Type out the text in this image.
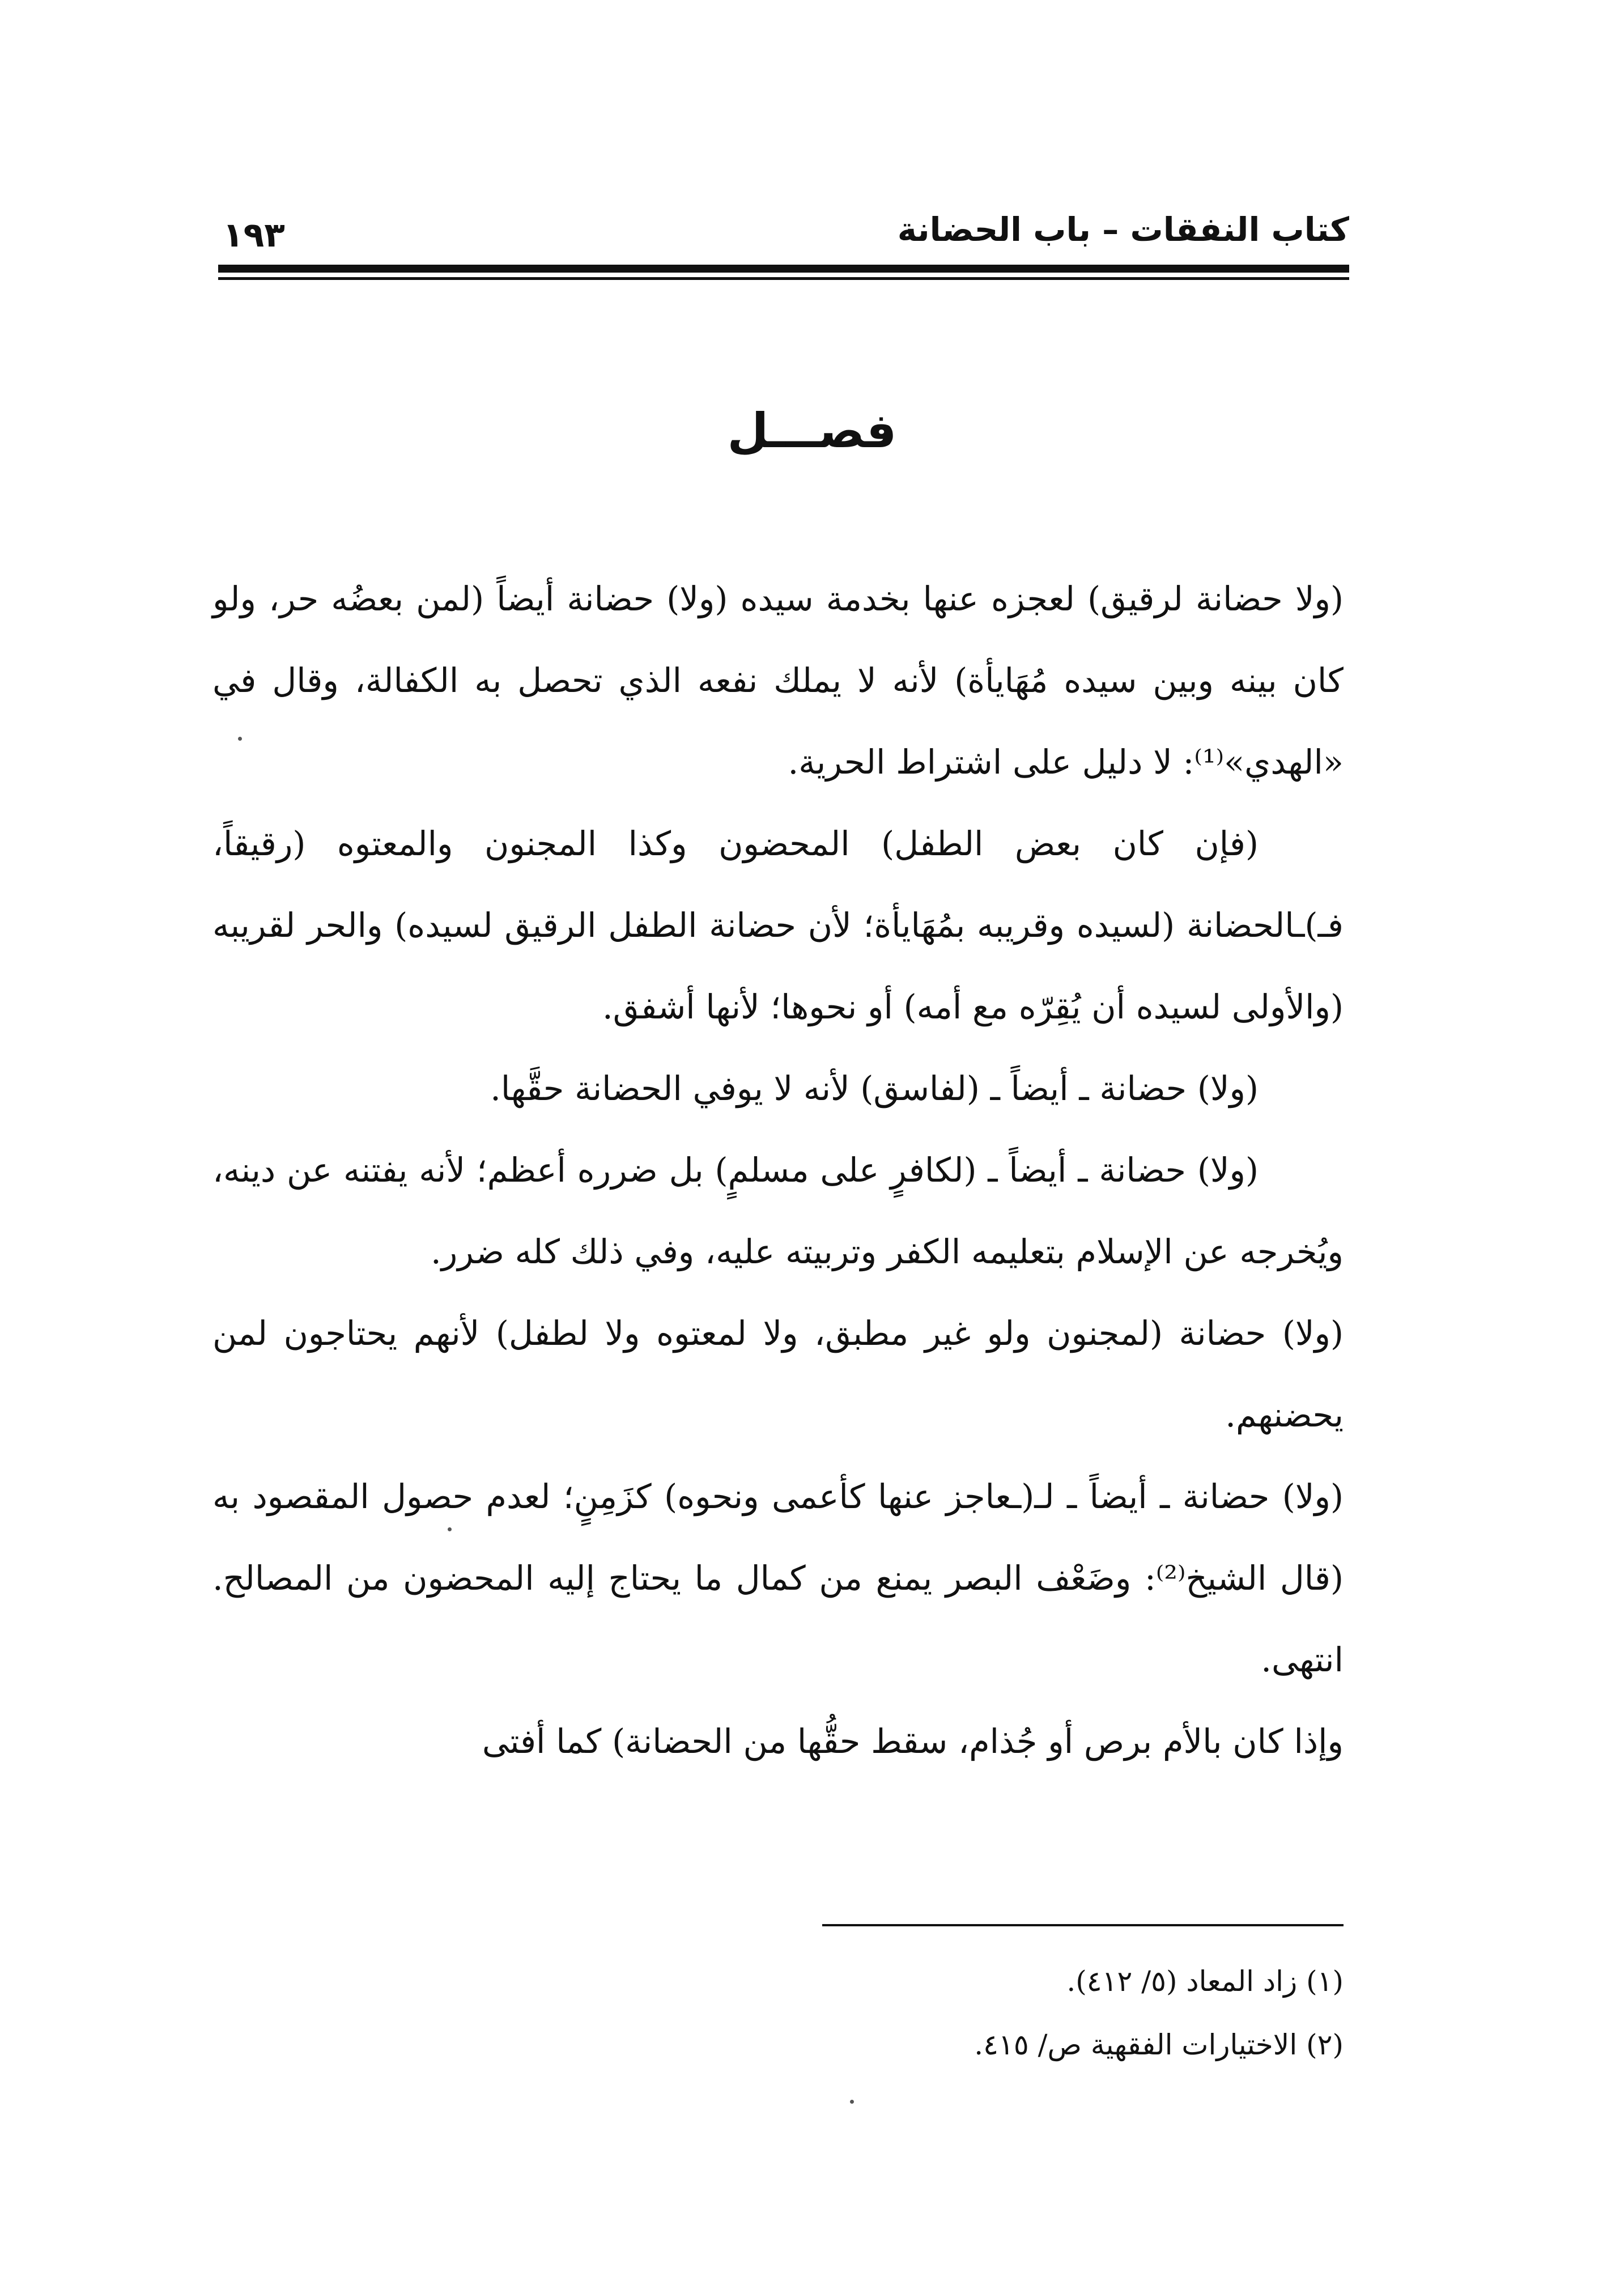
كتاب النفقات – باب الحضانة
١٩٣
فصـــل

(ولا حضانة لرقيق) لعجزه عنها بخدمة سيده (ولا) حضانة أيضاً (لمن بعضُه حر، ولو كان بينه وبين سيده مُهَايأة) لأنه لا يملك نفعه الذي تحصل به الكفالة، وقال في «الهدي»⁽¹⁾: لا دليل على اشتراط الحرية.

(فإن كان بعض الطفل) المحضون وكذا المجنون والمعتوه (رقيقاً، فـ)ـالحضانة (لسيده وقريبه بمُهَايأة؛ لأن حضانة الطفل الرقيق لسيده) والحر لقريبه (والأولى لسيده أن يُقِرّه مع أمه) أو نحوها؛ لأنها أشفق.

(ولا) حضانة ـ أيضاً ـ (لفاسق) لأنه لا يوفي الحضانة حقَّها.

(ولا) حضانة ـ أيضاً ـ (لكافرٍ على مسلمٍ) بل ضرره أعظم؛ لأنه يفتنه عن دينه، ويُخرجه عن الإسلام بتعليمه الكفر وتربيته عليه، وفي ذلك كله ضرر.

(ولا) حضانة (لمجنون ولو غير مطبق، ولا لمعتوه ولا لطفل) لأنهم يحتاجون لمن يحضنهم.

(ولا) حضانة ـ أيضاً ـ لـ(ـعاجز عنها كأعمى ونحوه) كزَمِنٍ؛ لعدم حصول المقصود به (قال الشيخ⁽²⁾: وضَعْف البصر يمنع من كمال ما يحتاج إليه المحضون من المصالح. انتهى.

وإذا كان بالأم برص أو جُذام، سقط حقُّها من الحضانة) كما أفتى

(١) زاد المعاد (٥/ ٤١٢).
(٢) الاختيارات الفقهية ص/ ٤١٥.
